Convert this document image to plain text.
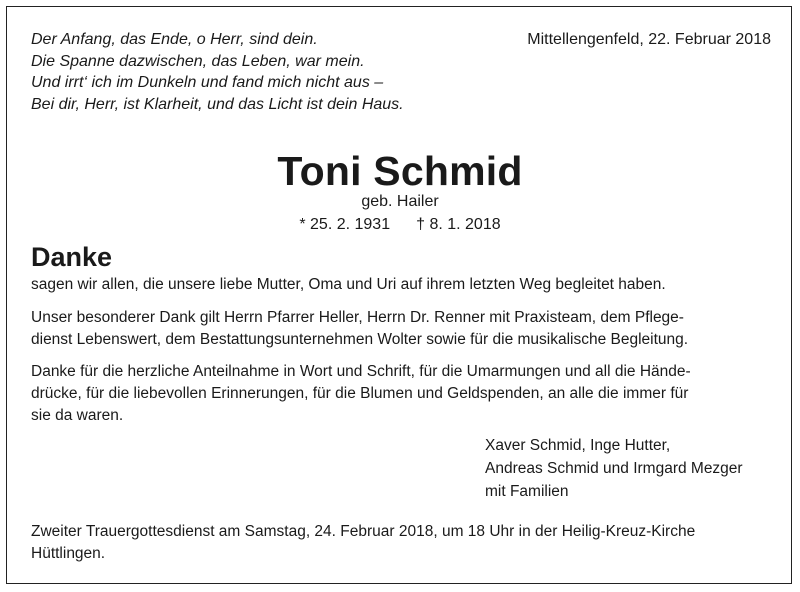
Der Anfang, das Ende, o Herr, sind dein.
Die Spanne dazwischen, das Leben, war mein.
Und irrt‘ ich im Dunkeln und fand mich nicht aus –
Bei dir, Herr, ist Klarheit, und das Licht ist dein Haus.
Mittellengenfeld, 22. Februar 2018
Toni Schmid
geb. Hailer
* 25. 2. 1931 † 8. 1. 2018
Danke
sagen wir allen, die unsere liebe Mutter, Oma und Uri auf ihrem letzten Weg begleitet haben.
Unser besonderer Dank gilt Herrn Pfarrer Heller, Herrn Dr. Renner mit Praxisteam, dem Pflege-
dienst Lebenswert, dem Bestattungsunternehmen Wolter sowie für die musikalische Begleitung.
Danke für die herzliche Anteilnahme in Wort und Schrift, für die Umarmungen und all die Hände-
drücke, für die liebevollen Erinnerungen, für die Blumen und Geldspenden, an alle die immer für
sie da waren.
Xaver Schmid, Inge Hutter,
Andreas Schmid und Irmgard Mezger
mit Familien
Zweiter Trauergottesdienst am Samstag, 24. Februar 2018, um 18 Uhr in der Heilig-Kreuz-Kirche
Hüttlingen.
